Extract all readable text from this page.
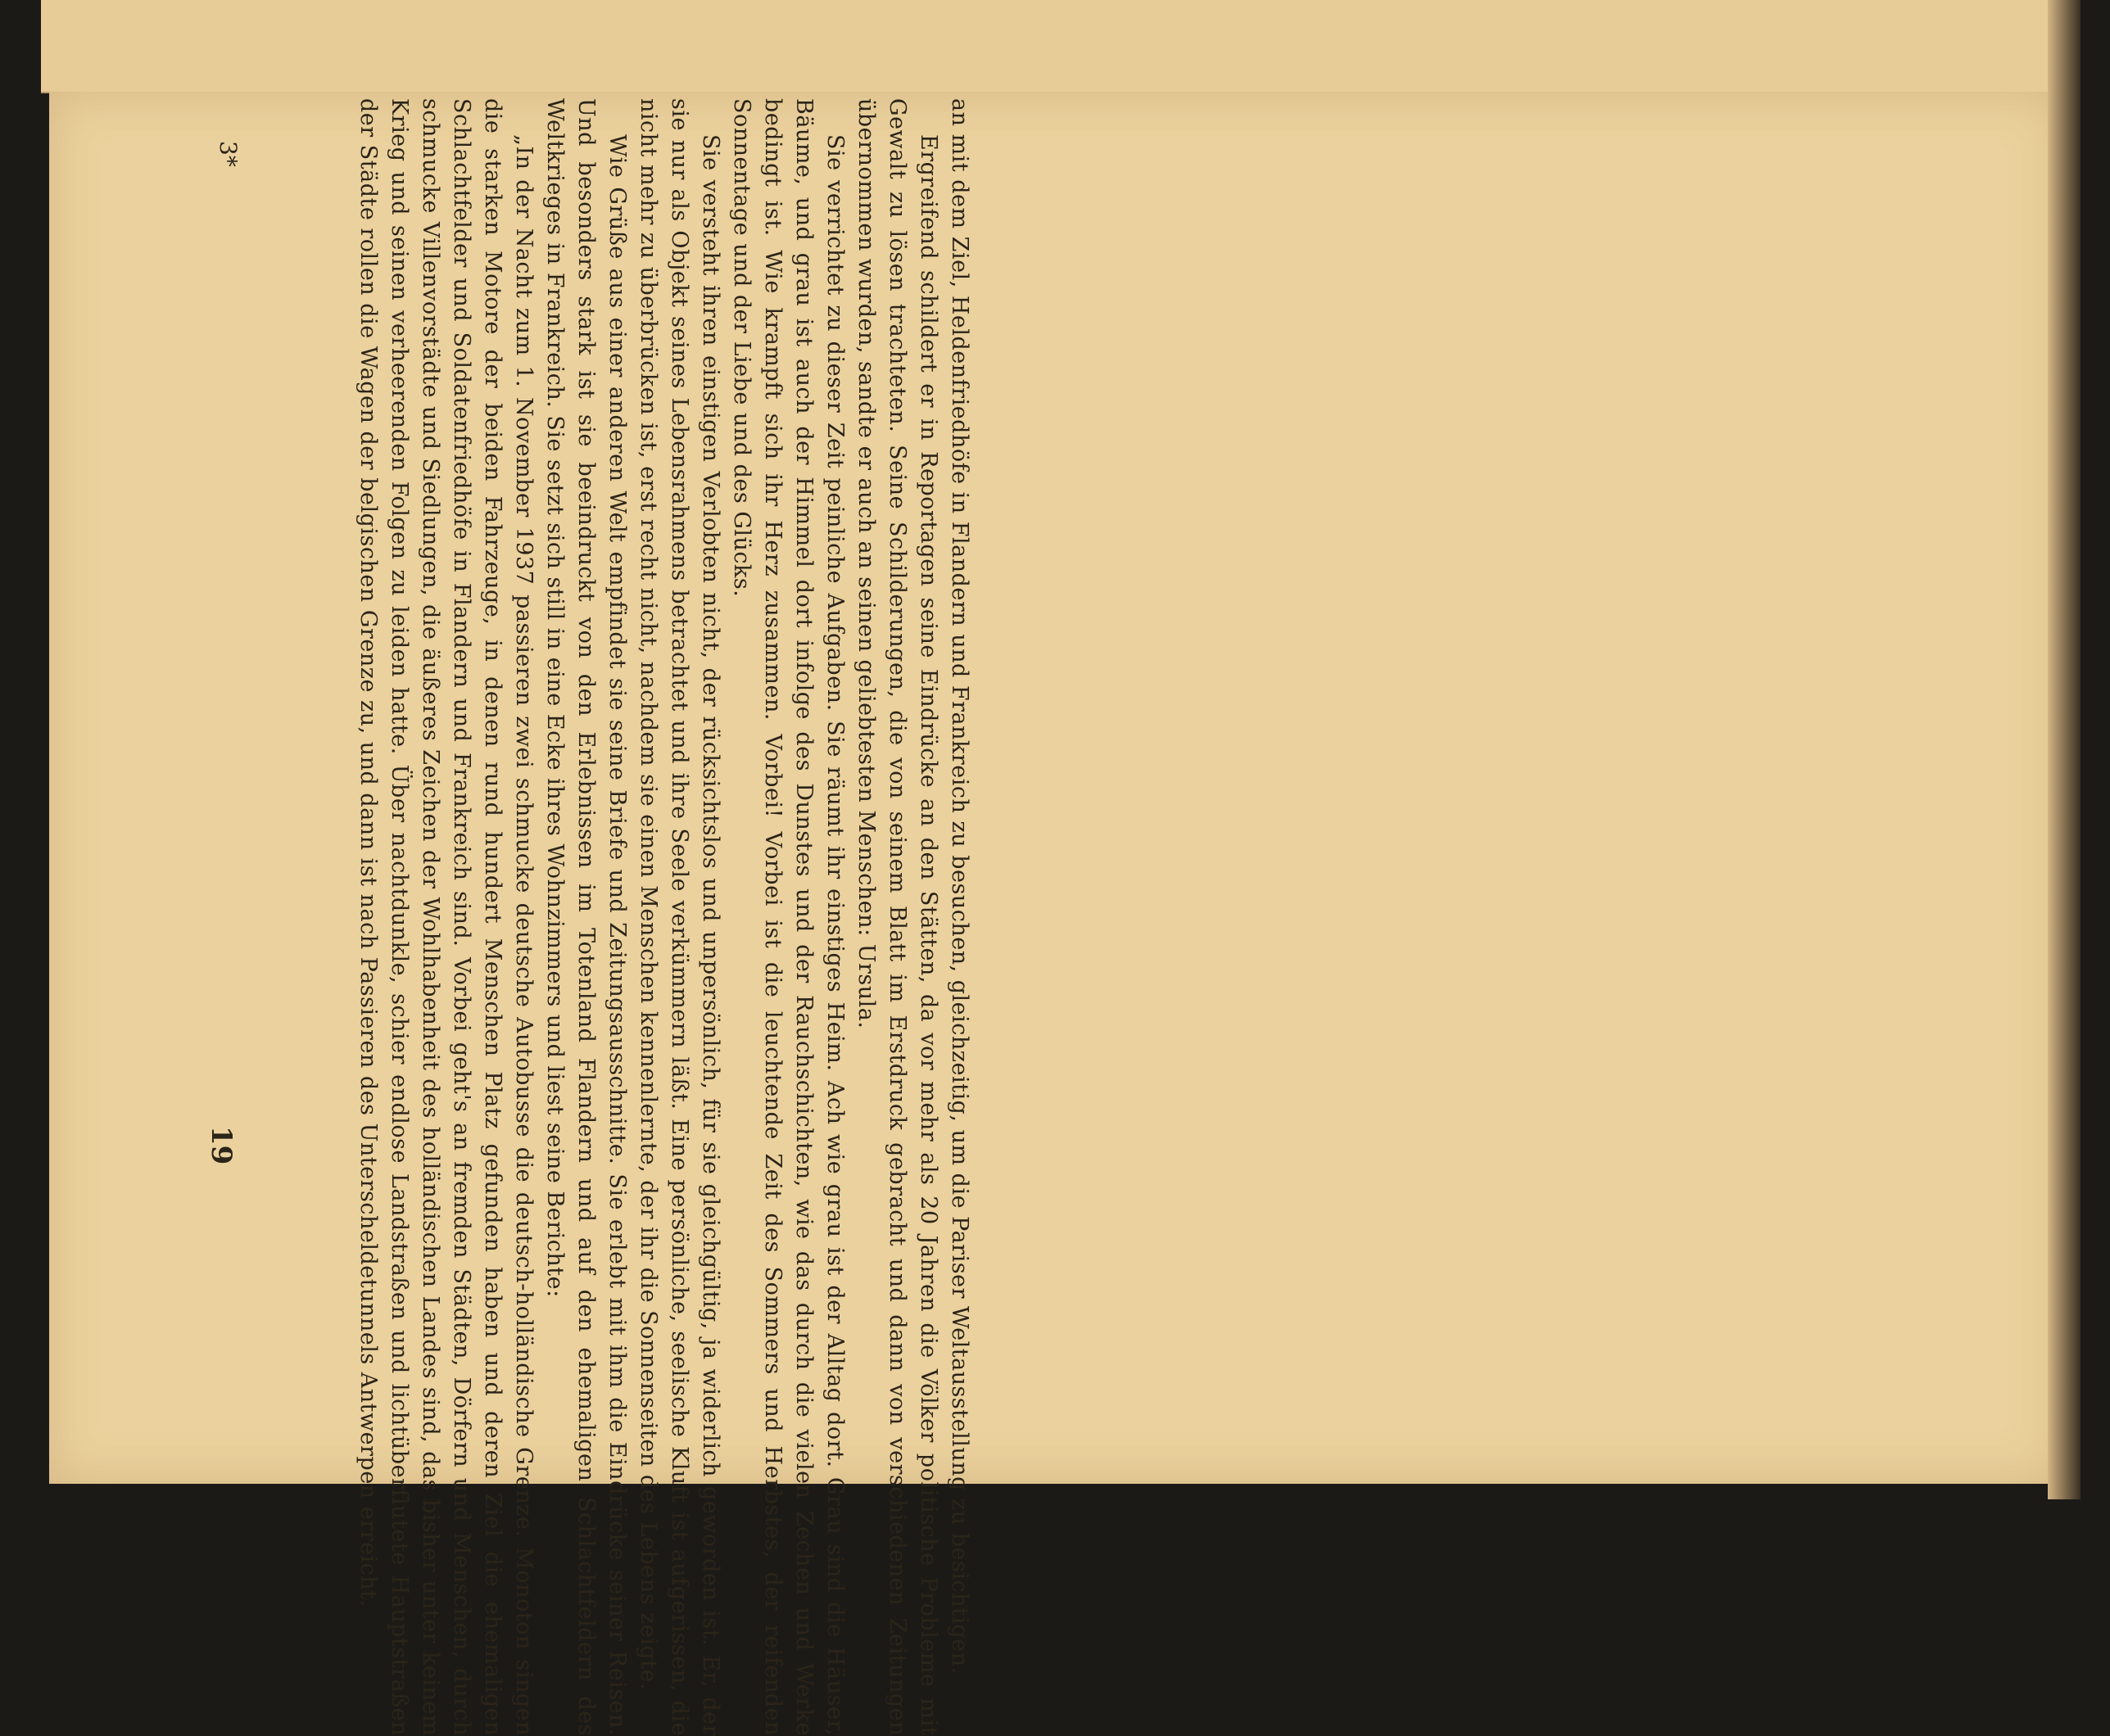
an mit dem Ziel, Heldenfriedhöfe in Flandern und Frankreich zu besuchen, gleichzeitig, um die Pariser Weltausstellung zu besichtigen.

Ergreifend schildert er in Reportagen seine Eindrücke an den Stätten, da vor mehr als 20 Jahren die Völker politische Probleme mit Gewalt zu lösen trachteten. Seine Schilderungen, die von seinem Blatt im Erstdruck gebracht und dann von verschiedenen Zeitungen übernommen wurden, sandte er auch an seinen geliebtesten Menschen: Ursula.

Sie verrichtet zu dieser Zeit peinliche Aufgaben. Sie räumt ihr einstiges Heim. Ach wie grau ist der Alltag dort. Grau sind die Häuser, Bäume, und grau ist auch der Himmel dort infolge des Dunstes und der Rauchschichten, wie das durch die vielen Zechen und Werke bedingt ist. Wie krampft sich ihr Herz zusammen. Vorbei! Vorbei ist die leuchtende Zeit des Sommers und Herbstes, der reifenden Sonnentage und der Liebe und des Glücks.

Sie versteht ihren einstigen Verlobten nicht, der rücksichtslos und unpersönlich, für sie gleichgültig, ja widerlich geworden ist. Er, der sie nur als Objekt seines Lebensrahmens betrachtet und ihre Seele verkümmern läßt. Eine persönliche, seelische Kluft ist aufgerissen, die nicht mehr zu überbrücken ist, erst recht nicht, nachdem sie einen Menschen kennenlernte, der ihr die Sonnenseiten des Lebens zeigte.

Wie Grüße aus einer anderen Welt empfindet sie seine Briefe und Zeitungsausschnitte. Sie erlebt mit ihm die Eindrücke seiner Reisen. Und besonders stark ist sie beeindruckt von den Erlebnissen im Totenland Flandern und auf den ehemaligen Schlachtfeldern des Weltkrieges in Frankreich. Sie setzt sich still in eine Ecke ihres Wohnzimmers und liest seine Berichte:

„In der Nacht zum 1. November 1937 passieren zwei schmucke deutsche Autobusse die deutsch-holländische Grenze. Monoton singen die starken Motore der beiden Fahrzeuge, in denen rund hundert Menschen Platz gefunden haben und deren Ziel die ehemaligen Schlachtfelder und Soldatenfriedhöfe in Flandern und Frankreich sind. Vorbei geht's an fremden Städten, Dörfern und Menschen, durch schmucke Villenvorstädte und Siedlungen, die äußeres Zeichen der Wohlhabenheit des holländischen Landes sind, das bisher unter keinem Krieg und seinen verheerenden Folgen zu leiden hatte. Über nachtdunkle, schier endlose Landstraßen und lichtüberflutete Hauptstraßen der Städte rollen die Wagen der belgischen Grenze zu, und dann ist nach Passieren des Unterscheldetunnels Antwerpen erreicht.

3*
19
